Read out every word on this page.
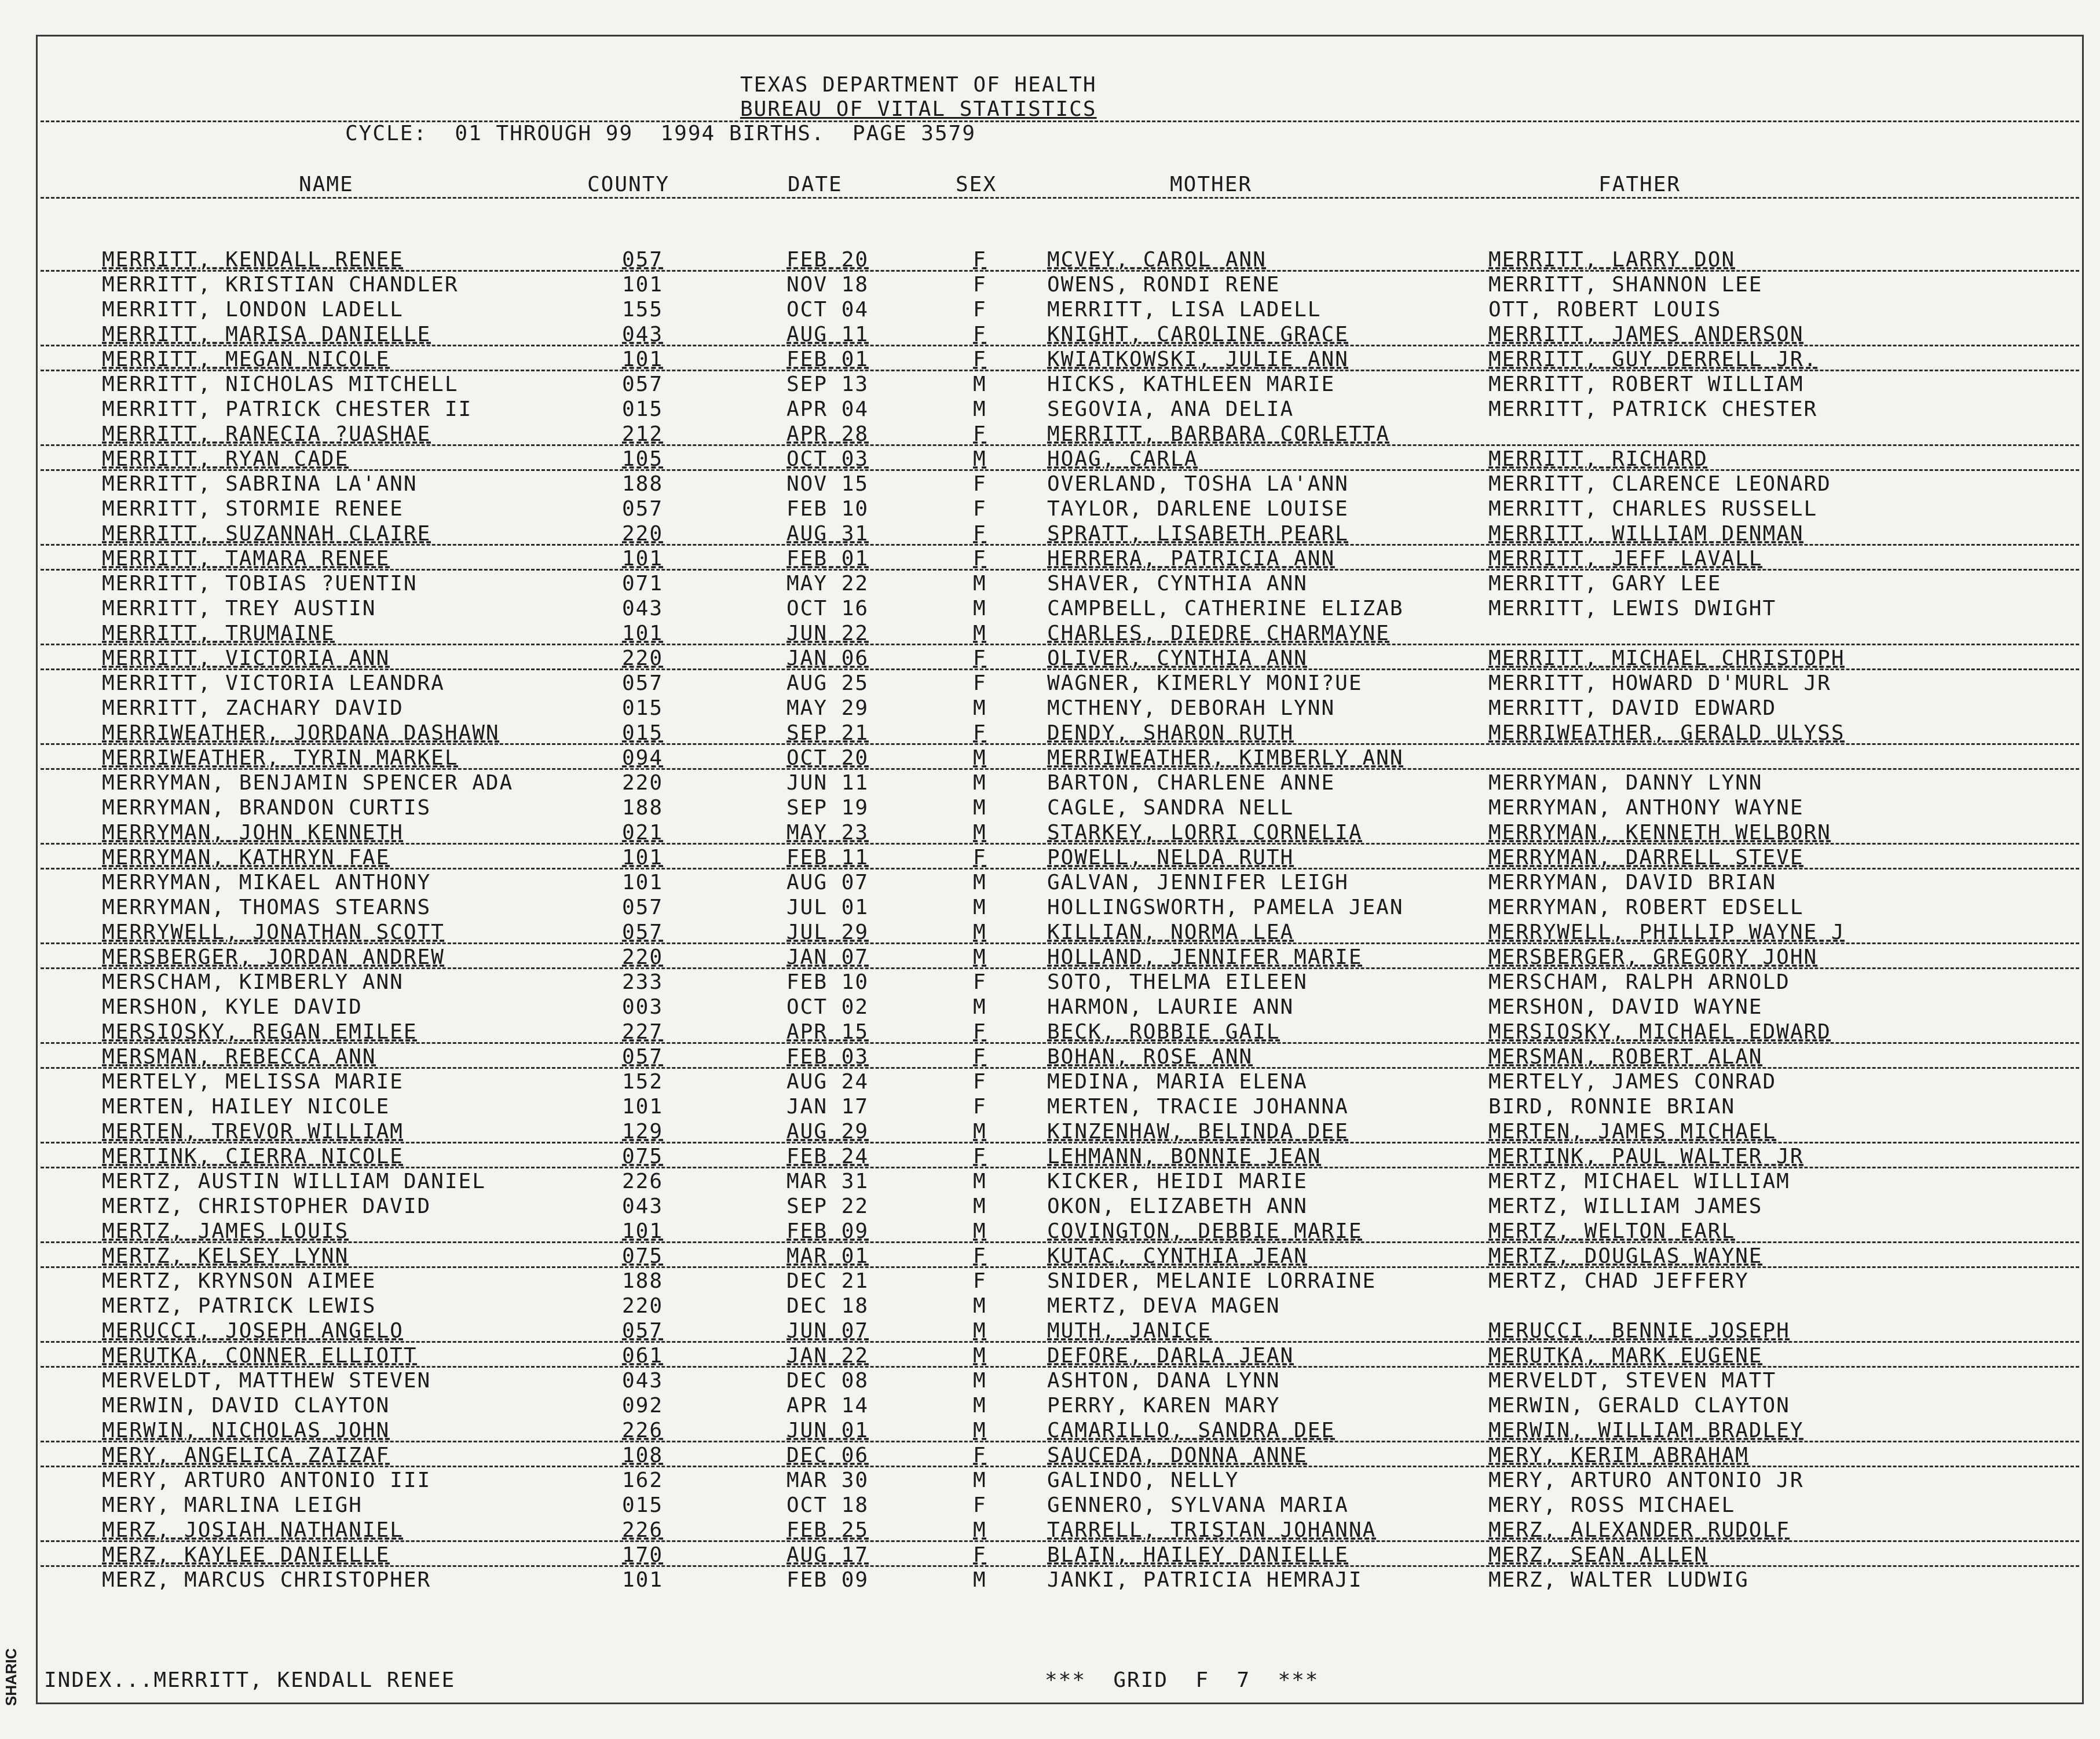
SHARIC
TEXAS DEPARTMENT OF HEALTH
BUREAU OF VITAL STATISTICS
CYCLE:  01 THROUGH 99  1994 BIRTHS.  PAGE 3579
NAME	COUNTY	DATE	SEX	MOTHER	FATHER
MERRITT, KENDALL RENEE	057	FEB 20	F	MCVEY, CAROL ANN	MERRITT, LARRY DON
MERRITT, KRISTIAN CHANDLER	101	NOV 18	F	OWENS, RONDI RENE	MERRITT, SHANNON LEE
MERRITT, LONDON LADELL	155	OCT 04	F	MERRITT, LISA LADELL	OTT, ROBERT LOUIS
MERRITT, MARISA DANIELLE	043	AUG 11	F	KNIGHT, CAROLINE GRACE	MERRITT, JAMES ANDERSON
MERRITT, MEGAN NICOLE	101	FEB 01	F	KWIATKOWSKI, JULIE ANN	MERRITT, GUY DERRELL JR.
MERRITT, NICHOLAS MITCHELL	057	SEP 13	M	HICKS, KATHLEEN MARIE	MERRITT, ROBERT WILLIAM
MERRITT, PATRICK CHESTER II	015	APR 04	M	SEGOVIA, ANA DELIA	MERRITT, PATRICK CHESTER
MERRITT, RANECIA ?UASHAE	212	APR 28	F	MERRITT, BARBARA CORLETTA
MERRITT, RYAN CADE	105	OCT 03	M	HOAG, CARLA	MERRITT, RICHARD
MERRITT, SABRINA LA'ANN	188	NOV 15	F	OVERLAND, TOSHA LA'ANN	MERRITT, CLARENCE LEONARD
MERRITT, STORMIE RENEE	057	FEB 10	F	TAYLOR, DARLENE LOUISE	MERRITT, CHARLES RUSSELL
MERRITT, SUZANNAH CLAIRE	220	AUG 31	F	SPRATT, LISABETH PEARL	MERRITT, WILLIAM DENMAN
MERRITT, TAMARA RENEE	101	FEB 01	F	HERRERA, PATRICIA ANN	MERRITT, JEFF LAVALL
MERRITT, TOBIAS ?UENTIN	071	MAY 22	M	SHAVER, CYNTHIA ANN	MERRITT, GARY LEE
MERRITT, TREY AUSTIN	043	OCT 16	M	CAMPBELL, CATHERINE ELIZAB	MERRITT, LEWIS DWIGHT
MERRITT, TRUMAINE	101	JUN 22	M	CHARLES, DIEDRE CHARMAYNE
MERRITT, VICTORIA ANN	220	JAN 06	F	OLIVER, CYNTHIA ANN	MERRITT, MICHAEL CHRISTOPH
MERRITT, VICTORIA LEANDRA	057	AUG 25	F	WAGNER, KIMERLY MONI?UE	MERRITT, HOWARD D'MURL JR
MERRITT, ZACHARY DAVID	015	MAY 29	M	MCTHENY, DEBORAH LYNN	MERRITT, DAVID EDWARD
MERRIWEATHER, JORDANA DASHAWN	015	SEP 21	F	DENDY, SHARON RUTH	MERRIWEATHER, GERALD ULYSS
MERRIWEATHER, TYRIN MARKEL	094	OCT 20	M	MERRIWEATHER, KIMBERLY ANN
MERRYMAN, BENJAMIN SPENCER ADA	220	JUN 11	M	BARTON, CHARLENE ANNE	MERRYMAN, DANNY LYNN
MERRYMAN, BRANDON CURTIS	188	SEP 19	M	CAGLE, SANDRA NELL	MERRYMAN, ANTHONY WAYNE
MERRYMAN, JOHN KENNETH	021	MAY 23	M	STARKEY, LORRI CORNELIA	MERRYMAN, KENNETH WELBORN
MERRYMAN, KATHRYN FAE	101	FEB 11	F	POWELL, NELDA RUTH	MERRYMAN, DARRELL STEVE
MERRYMAN, MIKAEL ANTHONY	101	AUG 07	M	GALVAN, JENNIFER LEIGH	MERRYMAN, DAVID BRIAN
MERRYMAN, THOMAS STEARNS	057	JUL 01	M	HOLLINGSWORTH, PAMELA JEAN	MERRYMAN, ROBERT EDSELL
MERRYWELL, JONATHAN SCOTT	057	JUL 29	M	KILLIAN, NORMA LEA	MERRYWELL, PHILLIP WAYNE J
MERSBERGER, JORDAN ANDREW	220	JAN 07	M	HOLLAND, JENNIFER MARIE	MERSBERGER, GREGORY JOHN
MERSCHAM, KIMBERLY ANN	233	FEB 10	F	SOTO, THELMA EILEEN	MERSCHAM, RALPH ARNOLD
MERSHON, KYLE DAVID	003	OCT 02	M	HARMON, LAURIE ANN	MERSHON, DAVID WAYNE
MERSIOSKY, REGAN EMILEE	227	APR 15	F	BECK, ROBBIE GAIL	MERSIOSKY, MICHAEL EDWARD
MERSMAN, REBECCA ANN	057	FEB 03	F	BOHAN, ROSE ANN	MERSMAN, ROBERT ALAN
MERTELY, MELISSA MARIE	152	AUG 24	F	MEDINA, MARIA ELENA	MERTELY, JAMES CONRAD
MERTEN, HAILEY NICOLE	101	JAN 17	F	MERTEN, TRACIE JOHANNA	BIRD, RONNIE BRIAN
MERTEN, TREVOR WILLIAM	129	AUG 29	M	KINZENHAW, BELINDA DEE	MERTEN, JAMES MICHAEL
MERTINK, CIERRA NICOLE	075	FEB 24	F	LEHMANN, BONNIE JEAN	MERTINK, PAUL WALTER JR
MERTZ, AUSTIN WILLIAM DANIEL	226	MAR 31	M	KICKER, HEIDI MARIE	MERTZ, MICHAEL WILLIAM
MERTZ, CHRISTOPHER DAVID	043	SEP 22	M	OKON, ELIZABETH ANN	MERTZ, WILLIAM JAMES
MERTZ, JAMES LOUIS	101	FEB 09	M	COVINGTON, DEBBIE MARIE	MERTZ, WELTON EARL
MERTZ, KELSEY LYNN	075	MAR 01	F	KUTAC, CYNTHIA JEAN	MERTZ, DOUGLAS WAYNE
MERTZ, KRYNSON AIMEE	188	DEC 21	F	SNIDER, MELANIE LORRAINE	MERTZ, CHAD JEFFERY
MERTZ, PATRICK LEWIS	220	DEC 18	M	MERTZ, DEVA MAGEN
MERUCCI, JOSEPH ANGELO	057	JUN 07	M	MUTH, JANICE	MERUCCI, BENNIE JOSEPH
MERUTKA, CONNER ELLIOTT	061	JAN 22	M	DEFORE, DARLA JEAN	MERUTKA, MARK EUGENE
MERVELDT, MATTHEW STEVEN	043	DEC 08	M	ASHTON, DANA LYNN	MERVELDT, STEVEN MATT
MERWIN, DAVID CLAYTON	092	APR 14	M	PERRY, KAREN MARY	MERWIN, GERALD CLAYTON
MERWIN, NICHOLAS JOHN	226	JUN 01	M	CAMARILLO, SANDRA DEE	MERWIN, WILLIAM BRADLEY
MERY, ANGELICA ZAIZAF	108	DEC 06	F	SAUCEDA, DONNA ANNE	MERY, KERIM ABRAHAM
MERY, ARTURO ANTONIO III	162	MAR 30	M	GALINDO, NELLY	MERY, ARTURO ANTONIO JR
MERY, MARLINA LEIGH	015	OCT 18	F	GENNERO, SYLVANA MARIA	MERY, ROSS MICHAEL
MERZ, JOSIAH NATHANIEL	226	FEB 25	M	TARRELL, TRISTAN JOHANNA	MERZ, ALEXANDER RUDOLF
MERZ, KAYLEE DANIELLE	170	AUG 17	F	BLAIN, HAILEY DANIELLE	MERZ, SEAN ALLEN
MERZ, MARCUS CHRISTOPHER	101	FEB 09	M	JANKI, PATRICIA HEMRAJI	MERZ, WALTER LUDWIG
INDEX...MERRITT, KENDALL RENEE	***  GRID  F  7  ***
